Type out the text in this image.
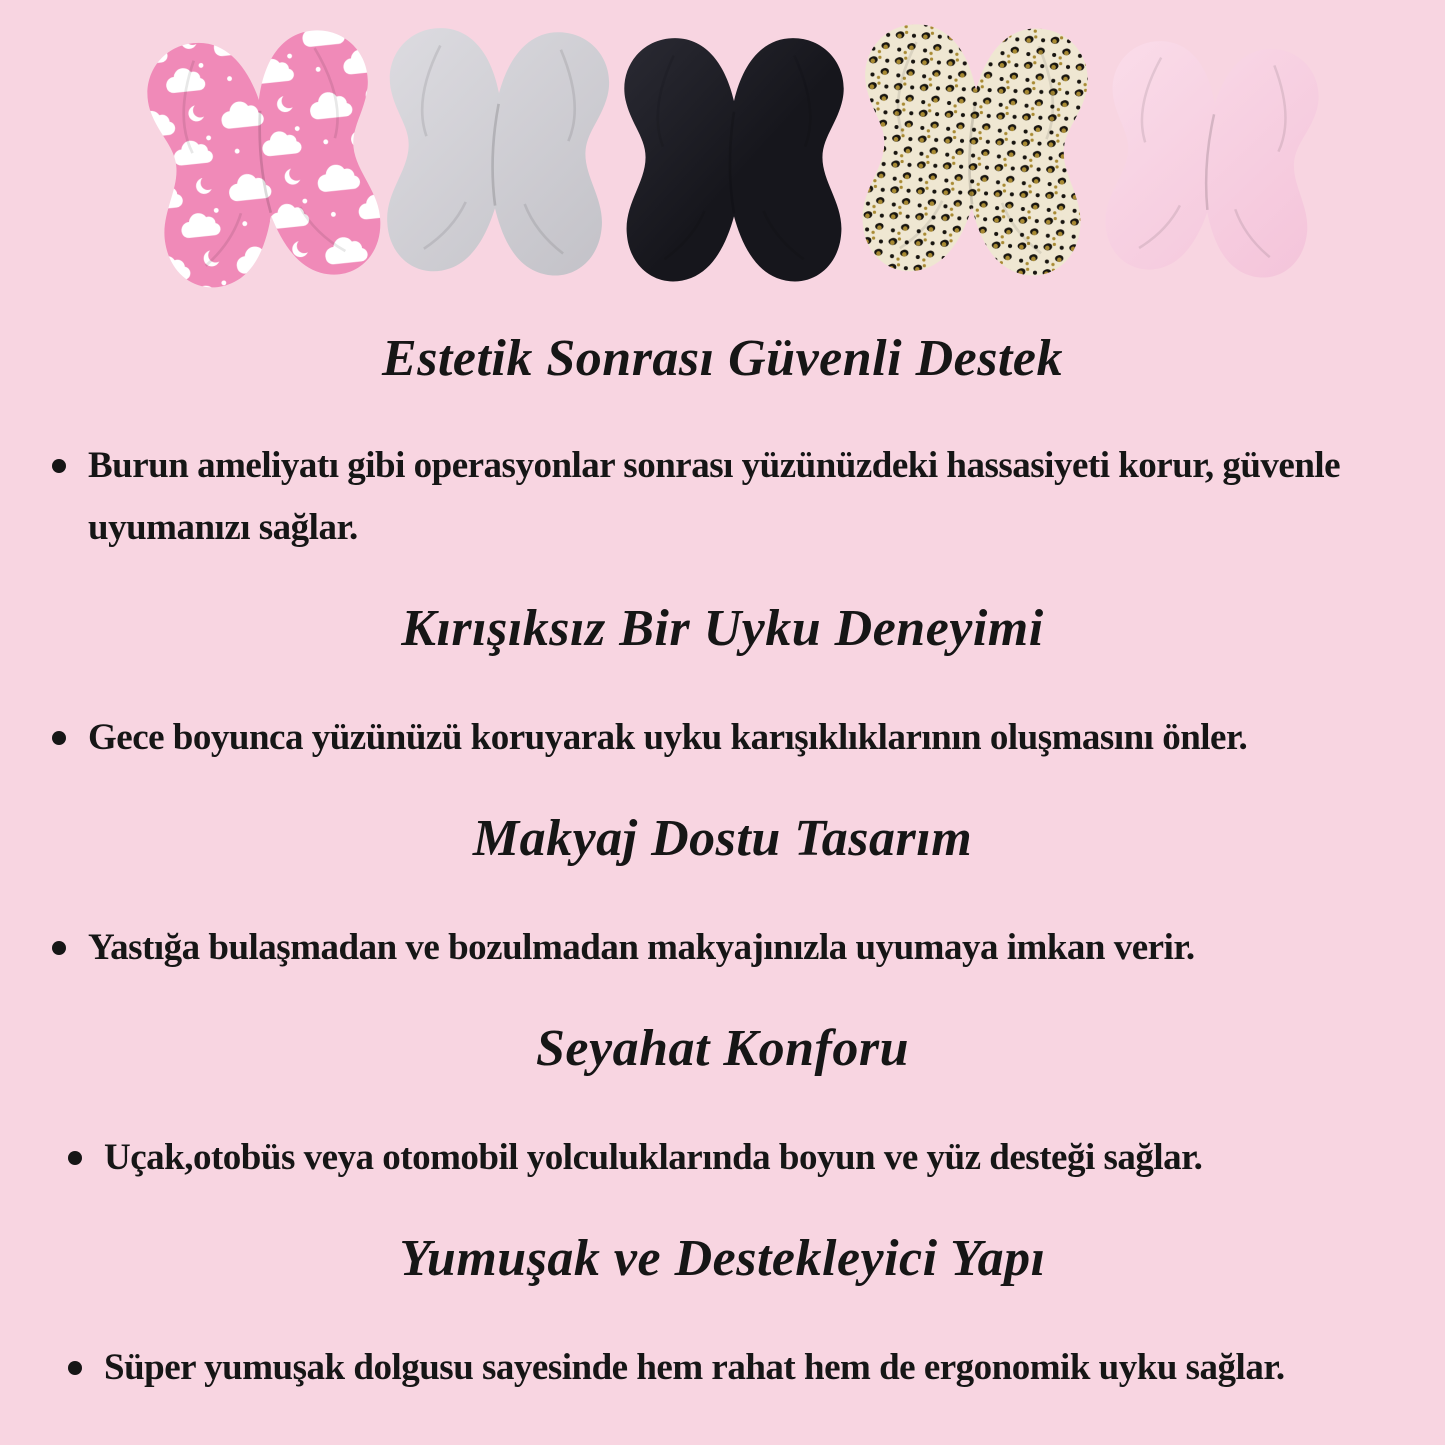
Estetik Sonrası Güvenli Destek
Burun ameliyatı gibi operasyonlar sonrası yüzünüzdeki hassasiyeti korur, güvenle uyumanızı sağlar.
Kırışıksız Bir Uyku Deneyimi
Gece boyunca yüzünüzü koruyarak uyku karışıklıklarının oluşmasını önler.
Makyaj Dostu Tasarım
Yastığa bulaşmadan ve bozulmadan makyajınızla uyumaya imkan verir.
Seyahat Konforu
Uçak,otobüs veya otomobil yolculuklarında boyun ve yüz desteği sağlar.
Yumuşak ve Destekleyici Yapı
Süper yumuşak dolgusu sayesinde hem rahat hem de ergonomik uyku sağlar.
